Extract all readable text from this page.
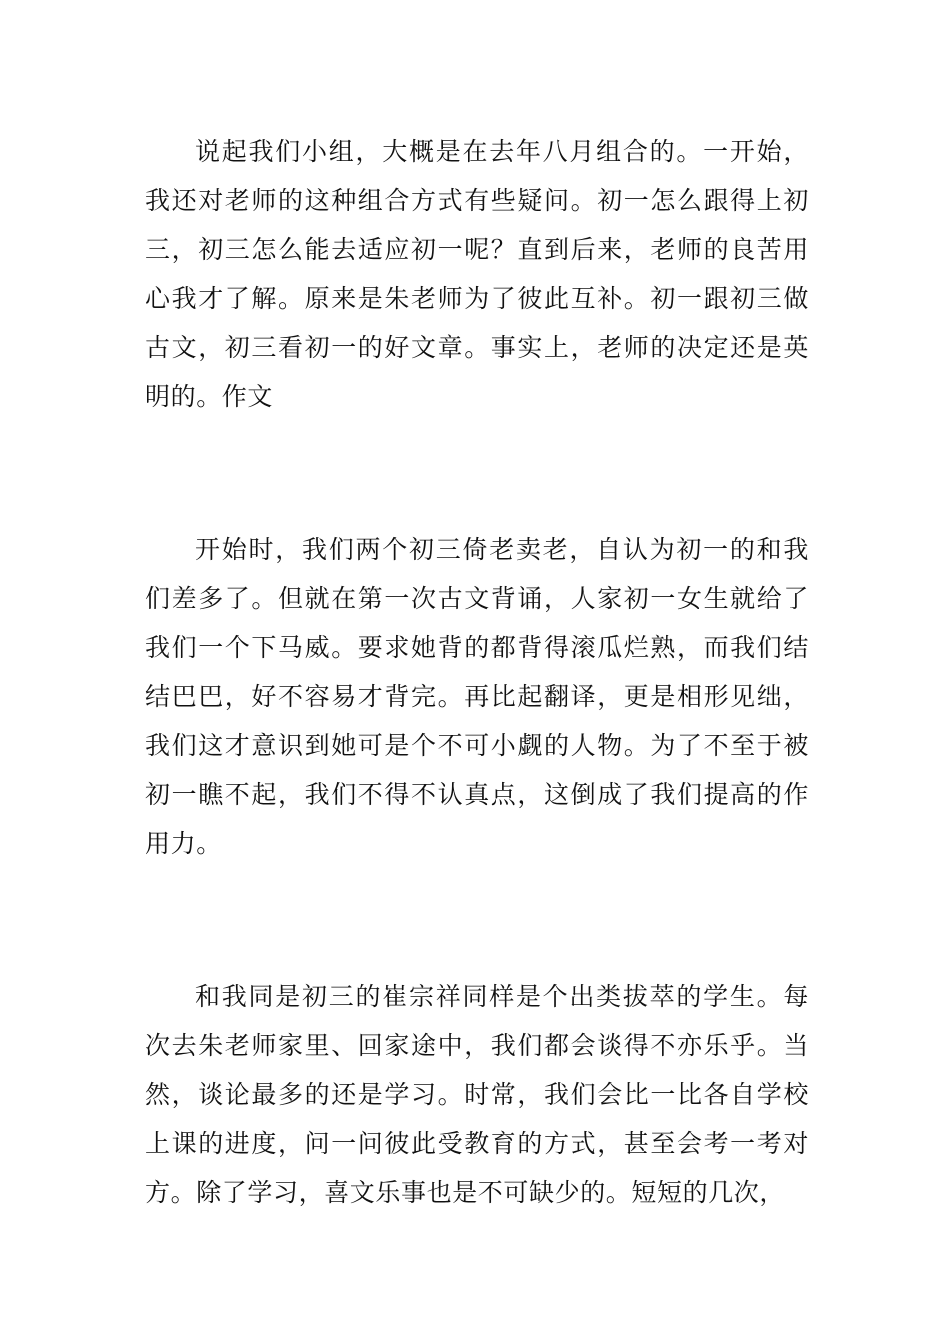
说起我们小组，大概是在去年八月组合的。一开始，我还对老师的这种组合方式有些疑问。初一怎么跟得上初三，初三怎么能去适应初一呢？直到后来，老师的良苦用心我才了解。原来是朱老师为了彼此互补。初一跟初三做古文，初三看初一的好文章。事实上，老师的决定还是英明的。作文

开始时，我们两个初三倚老卖老，自认为初一的和我们差多了。但就在第一次古文背诵，人家初一女生就给了我们一个下马威。要求她背的都背得滚瓜烂熟，而我们结结巴巴，好不容易才背完。再比起翻译，更是相形见绌，我们这才意识到她可是个不可小觑的人物。为了不至于被初一瞧不起，我们不得不认真点，这倒成了我们提高的作用力。

和我同是初三的崔宗祥同样是个出类拔萃的学生。每次去朱老师家里、回家途中，我们都会谈得不亦乐乎。当然，谈论最多的还是学习。时常，我们会比一比各自学校上课的进度，问一问彼此受教育的方式，甚至会考一考对方。除了学习，喜文乐事也是不可缺少的。短短的几次，
